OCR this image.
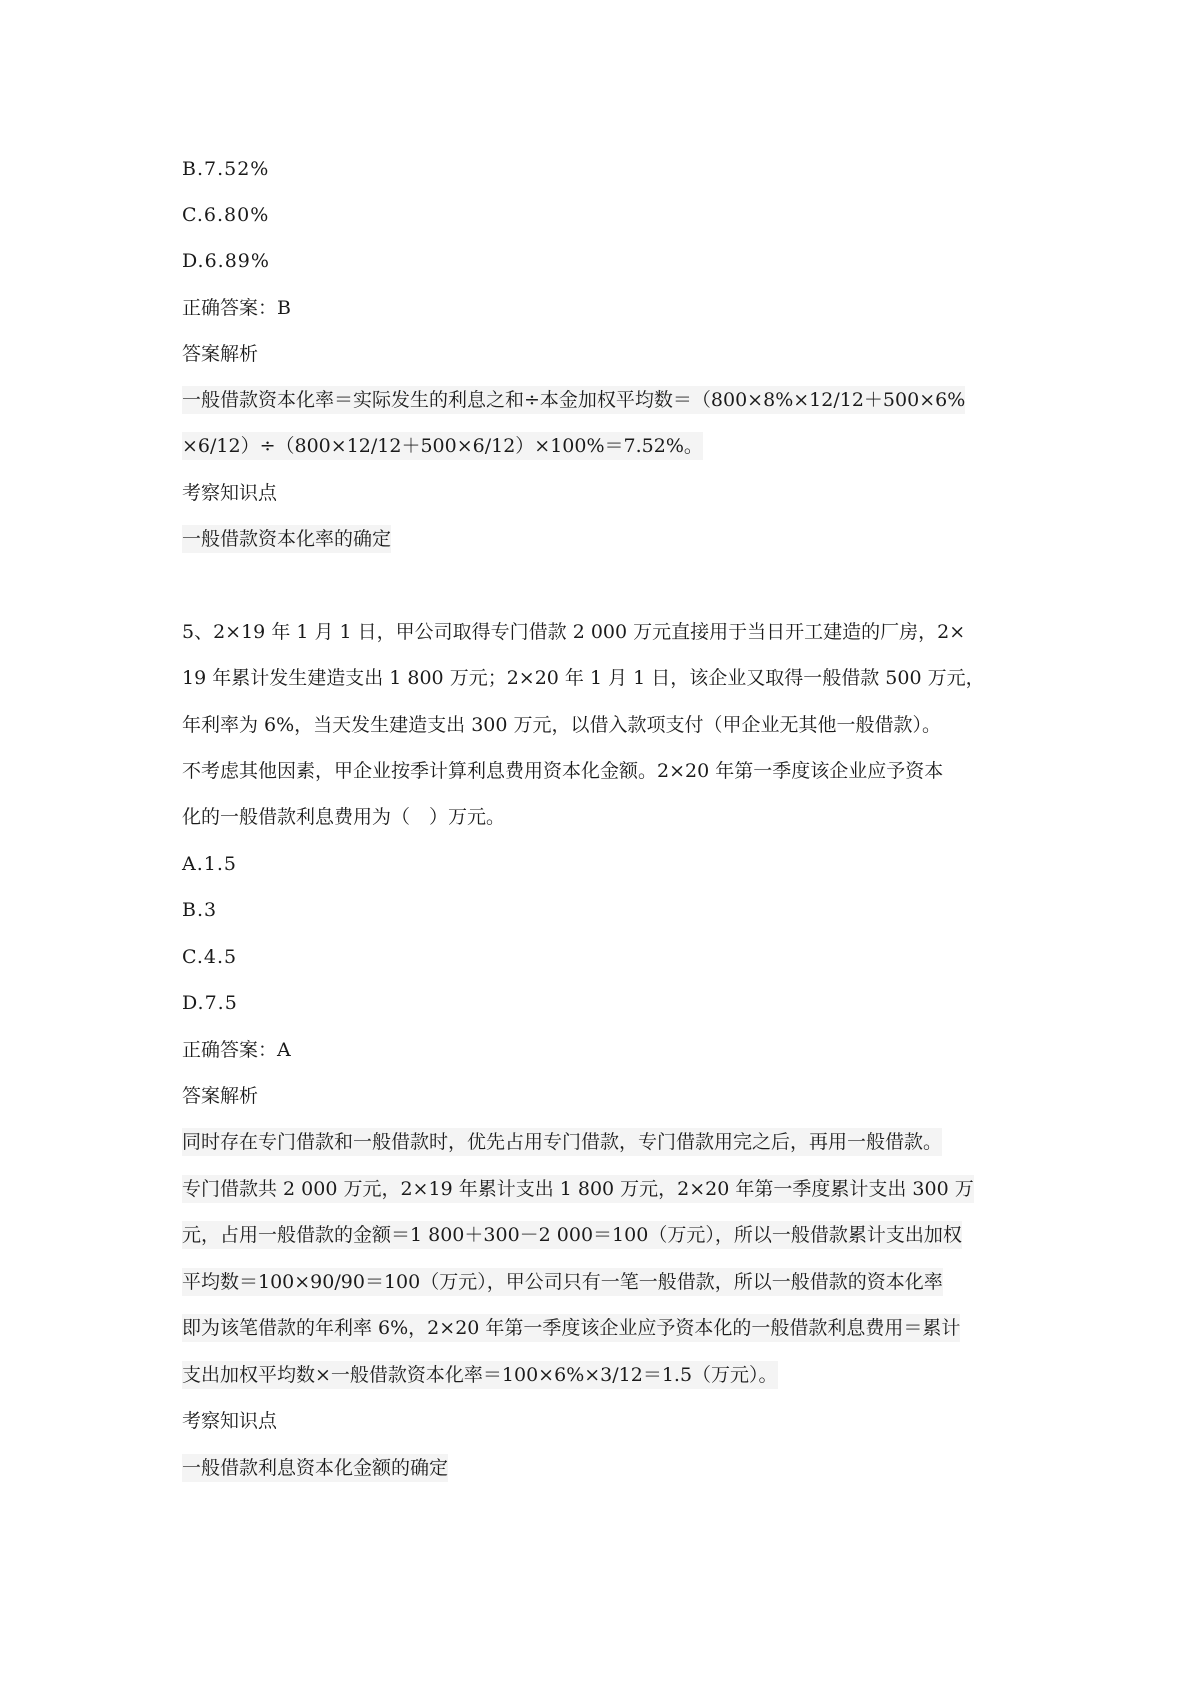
B.7.52%
C.6.80%
D.6.89%
正确答案：B
答案解析
一般借款资本化率＝实际发生的利息之和÷本金加权平均数＝（800×8%×12/12＋500×6%
×6/12）÷（800×12/12＋500×6/12）×100%＝7.52%。
考察知识点
一般借款资本化率的确定
5、2×19 年 1 月 1 日，甲公司取得专门借款 2 000 万元直接用于当日开工建造的厂房，2×
19 年累计发生建造支出 1 800 万元；2×20 年 1 月 1 日，该企业又取得一般借款 500 万元，
年利率为 6%，当天发生建造支出 300 万元，以借入款项支付（甲企业无其他一般借款）。
不考虑其他因素，甲企业按季计算利息费用资本化金额。2×20 年第一季度该企业应予资本
化的一般借款利息费用为（　）万元。
A.1.5
B.3
C.4.5
D.7.5
正确答案：A
答案解析
同时存在专门借款和一般借款时，优先占用专门借款，专门借款用完之后，再用一般借款。
专门借款共 2 000 万元，2×19 年累计支出 1 800 万元，2×20 年第一季度累计支出 300 万
元，占用一般借款的金额＝1 800＋300－2 000＝100（万元），所以一般借款累计支出加权
平均数＝100×90/90＝100（万元），甲公司只有一笔一般借款，所以一般借款的资本化率
即为该笔借款的年利率 6%，2×20 年第一季度该企业应予资本化的一般借款利息费用＝累计
支出加权平均数×一般借款资本化率＝100×6%×3/12＝1.5（万元）。
考察知识点
一般借款利息资本化金额的确定
